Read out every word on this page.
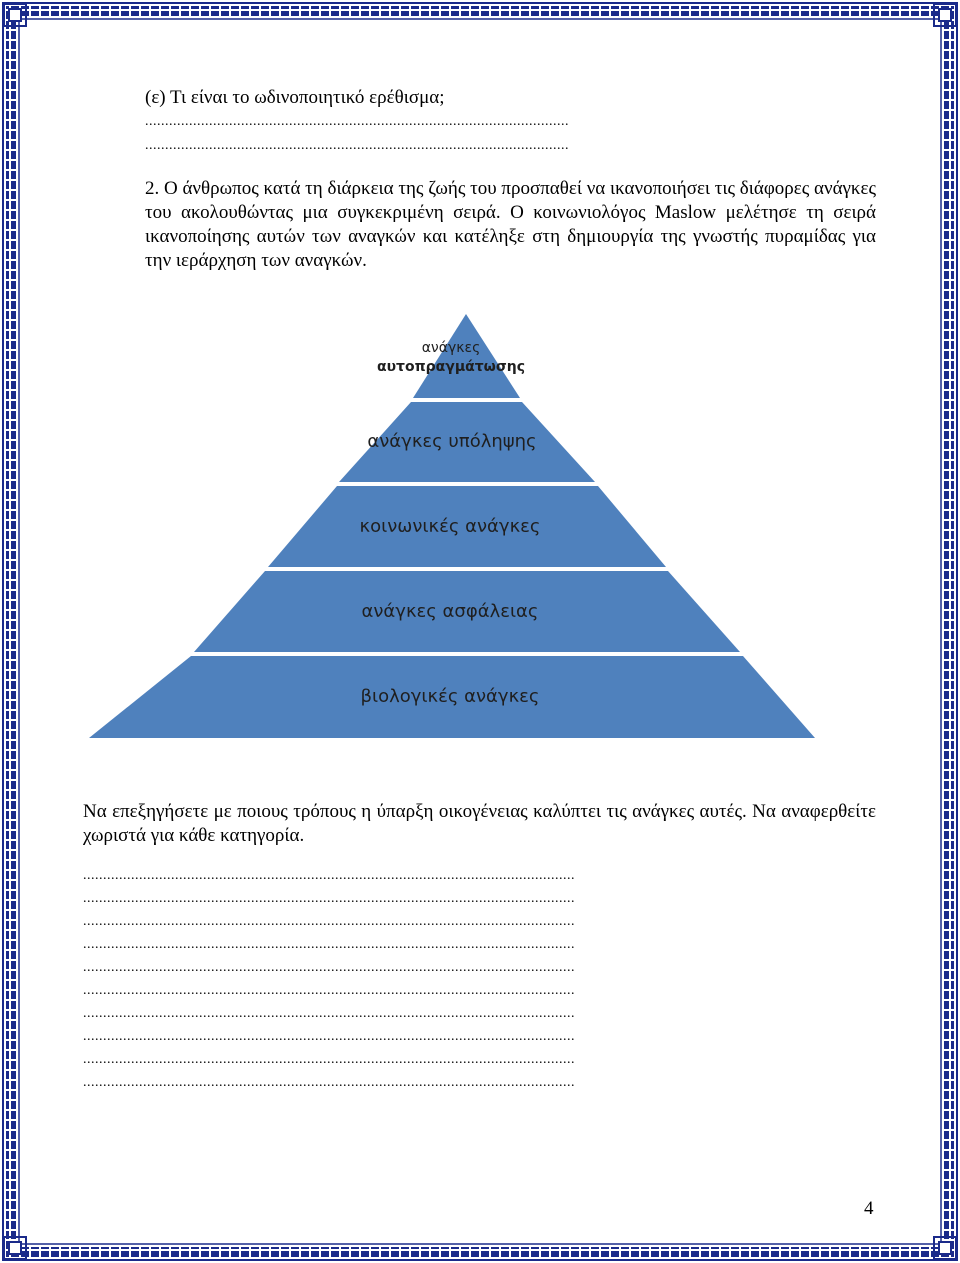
(ε) Τι είναι το ωδινοποιητικό ερέθισμα;
..........................................................................................................
..........................................................................................................
2. Ο άνθρωπος κατά τη διάρκεια της ζωής του προσπαθεί να ικανοποιήσει τις διάφορες ανάγκες του ακολουθώντας μια συγκεκριμένη σειρά. Ο κοινωνιολόγος Maslow μελέτησε τη σειρά ικανοποίησης αυτών των αναγκών και κατέληξε στη δημιουργία της γνωστής πυραμίδας για την ιεράρχηση των αναγκών.
ανάγκες
αυτοπραγμάτωσης
ανάγκες υπόληψης
κοινωνικές ανάγκες
ανάγκες ασφάλειας
βιολογικές ανάγκες
Να επεξηγήσετε με ποιους τρόπους η ύπαρξη οικογένειας καλύπτει τις ανάγκες αυτές. Να αναφερθείτε χωριστά για κάθε κατηγορία.
...........................................................................................................................
...........................................................................................................................
...........................................................................................................................
...........................................................................................................................
...........................................................................................................................
...........................................................................................................................
...........................................................................................................................
...........................................................................................................................
...........................................................................................................................
...........................................................................................................................
4
